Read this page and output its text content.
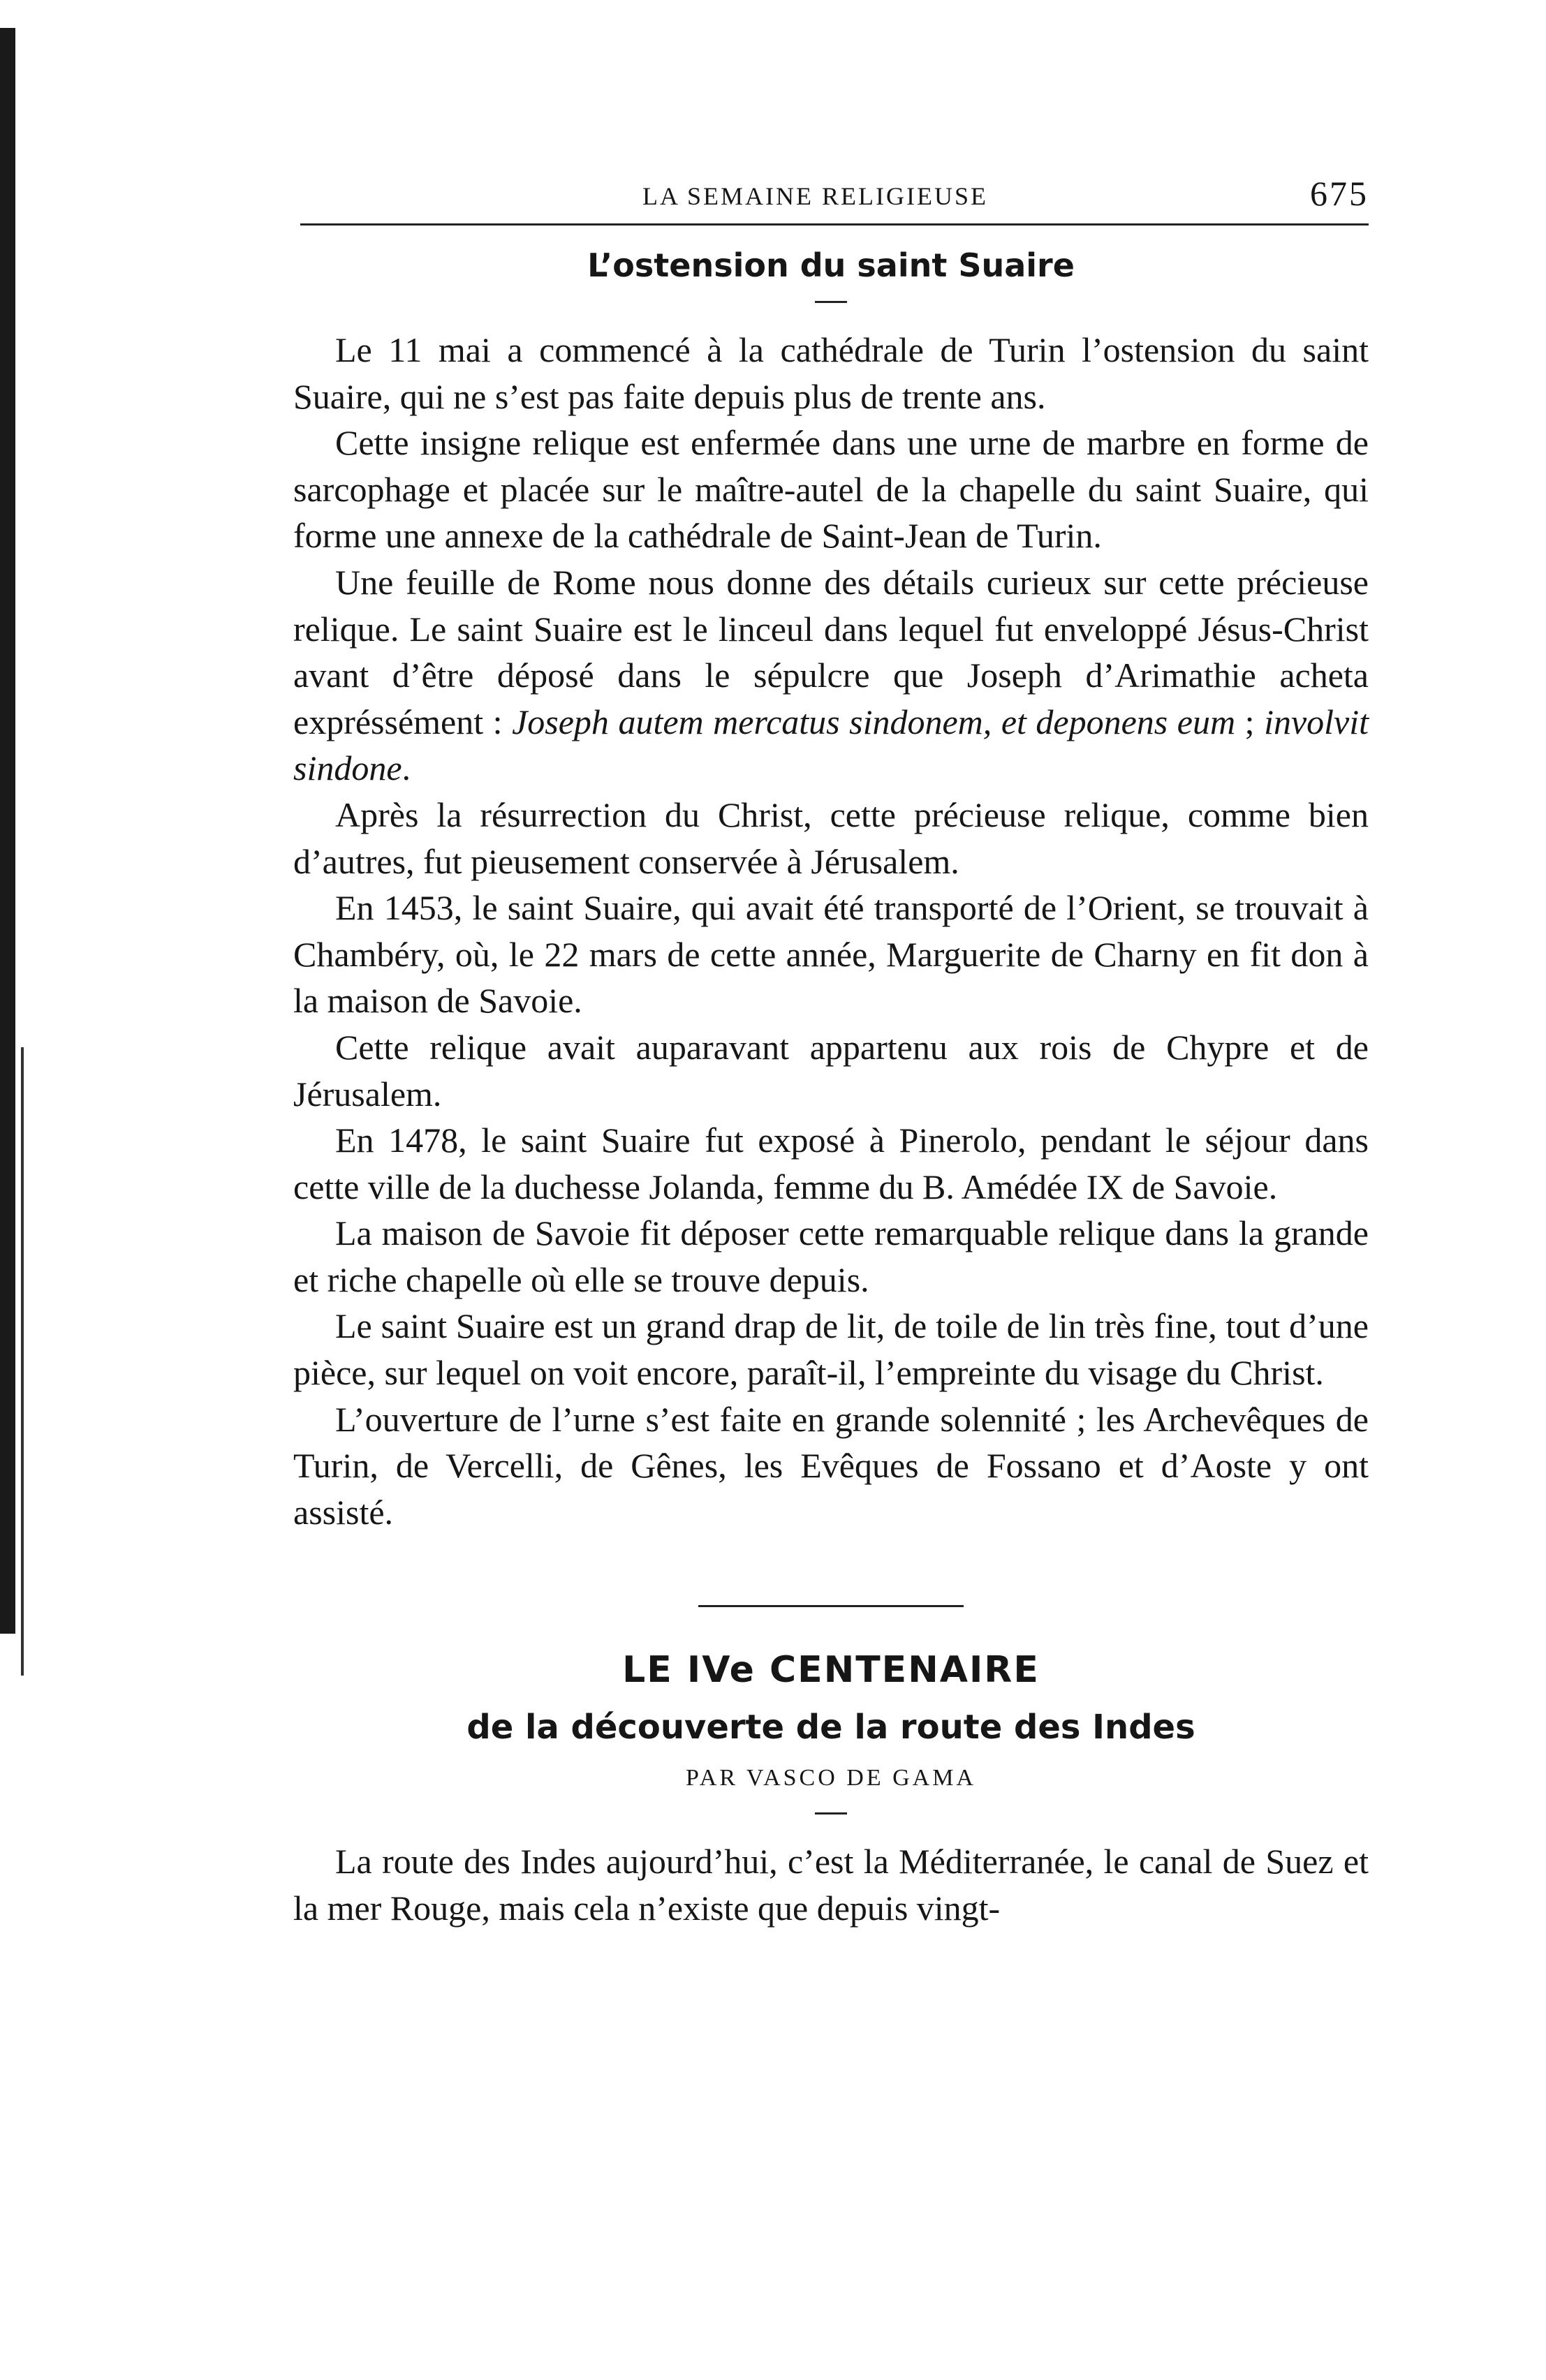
LA SEMAINE RELIGIEUSE	675
L’ostension du saint Suaire

Le 11 mai a commencé à la cathédrale de Turin l’ostension du saint Suaire, qui ne s’est pas faite depuis plus de trente ans.

Cette insigne relique est enfermée dans une urne de marbre en forme de sarcophage et placée sur le maître-autel de la chapelle du saint Suaire, qui forme une annexe de la cathédrale de Saint-Jean de Turin.

Une feuille de Rome nous donne des détails curieux sur cette précieuse relique. Le saint Suaire est le linceul dans lequel fut enveloppé Jésus-Christ avant d’être déposé dans le sépulcre que Joseph d’Arimathie acheta expréssément : Joseph autem mercatus sindonem, et deponens eum ; involvit sindone.

Après la résurrection du Christ, cette précieuse relique, comme bien d’autres, fut pieusement conservée à Jérusalem.

En 1453, le saint Suaire, qui avait été transporté de l’Orient, se trouvait à Chambéry, où, le 22 mars de cette année, Marguerite de Charny en fit don à la maison de Savoie.

Cette relique avait auparavant appartenu aux rois de Chypre et de Jérusalem.

En 1478, le saint Suaire fut exposé à Pinerolo, pendant le séjour dans cette ville de la duchesse Jolanda, femme du B. Amédée IX de Savoie.

La maison de Savoie fit déposer cette remarquable relique dans la grande et riche chapelle où elle se trouve depuis.

Le saint Suaire est un grand drap de lit, de toile de lin très fine, tout d’une pièce, sur lequel on voit encore, paraît-il, l’empreinte du visage du Christ.

L’ouverture de l’urne s’est faite en grande solennité ; les Archevêques de Turin, de Vercelli, de Gênes, les Evêques de Fossano et d’Aoste y ont assisté.

LE IVe CENTENAIRE
de la découverte de la route des Indes
PAR VASCO DE GAMA

La route des Indes aujourd’hui, c’est la Méditerranée, le canal de Suez et la mer Rouge, mais cela n’existe que depuis vingt-
